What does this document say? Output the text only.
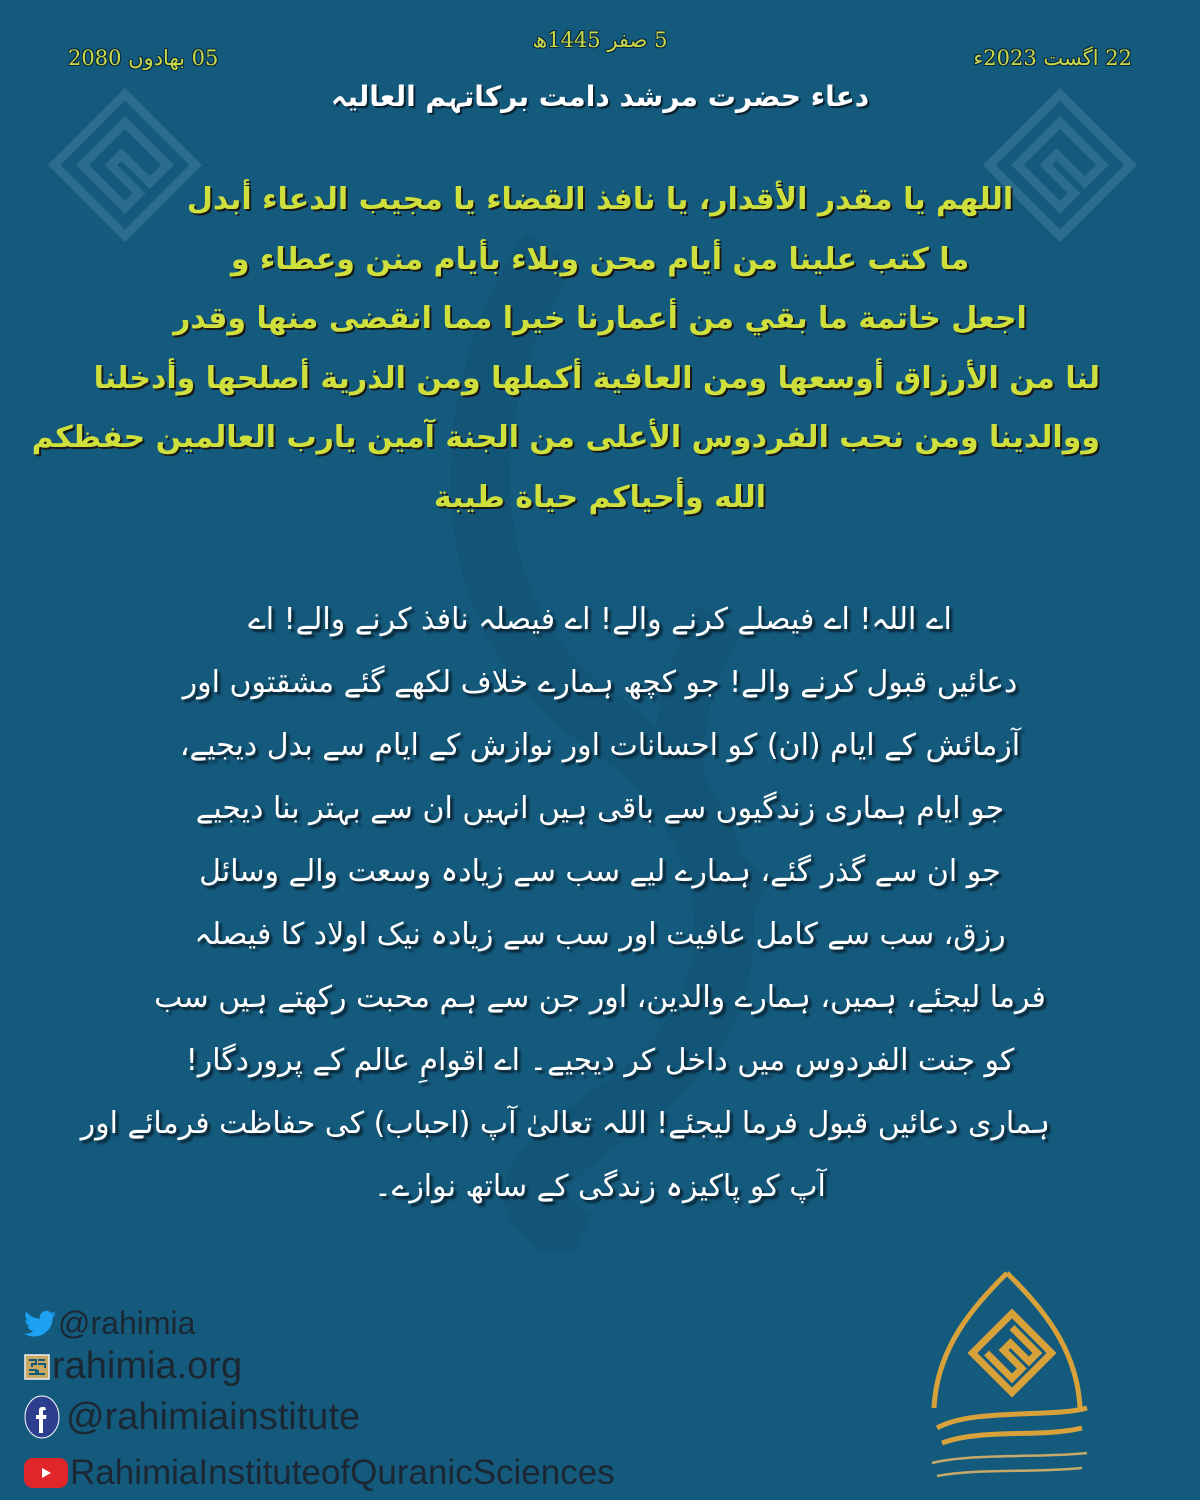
5 صفر 1445ھ
05 بھادوں 2080	22 اگست 2023ء
دعاء حضرت مرشد دامت برکاتہم العالیہ
اللهم يا مقدر الأقدار، يا نافذ القضاء يا مجيب الدعاء أبدل
ما كتب علينا من أيام محن وبلاء بأيام منن وعطاء و
اجعل خاتمة ما بقي من أعمارنا خيرا مما انقضى منها وقدر
لنا من الأرزاق أوسعها ومن العافية أكملها ومن الذرية أصلحها وأدخلنا
ووالدينا ومن نحب الفردوس الأعلى من الجنة آمين يارب العالمين حفظكم
الله وأحياكم حياة طيبة
اے اللہ! اے فیصلے کرنے والے! اے فیصلہ نافذ کرنے والے! اے
دعائیں قبول کرنے والے! جو کچھ ہمارے خلاف لکھے گئے مشقتوں اور
آزمائش کے ایام (ان) کو احسانات اور نوازش کے ایام سے بدل دیجیے،
جو ایام ہماری زندگیوں سے باقی ہیں انہیں ان سے بہتر بنا دیجیے
جو ان سے گذر گئے، ہمارے لیے سب سے زیادہ وسعت والے وسائل
رزق، سب سے کامل عافیت اور سب سے زیادہ نیک اولاد کا فیصلہ
فرما لیجئے، ہمیں، ہمارے والدین، اور جن سے ہم محبت رکھتے ہیں سب
کو جنت الفردوس میں داخل کر دیجیے۔ اے اقوامِ عالم کے پروردگار!
ہماری دعائیں قبول فرما لیجئے! اللہ تعالیٰ آپ (احباب) کی حفاظت فرمائے اور
آپ کو پاکیزہ زندگی کے ساتھ نوازے۔
@rahimia
rahimia.org
@rahimiainstitute
RahimiaInstituteofQuranicSciences
